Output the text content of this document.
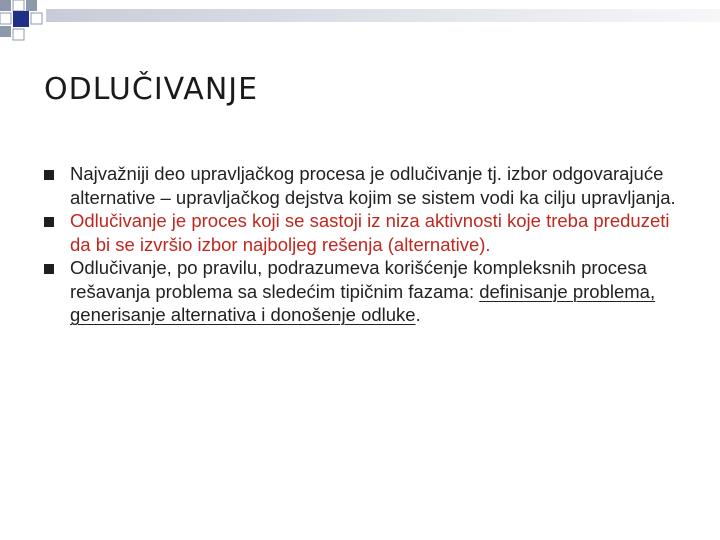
ODLUČIVANJE
Najvažniji deo upravljačkog procesa je odlučivanje tj. izbor odgovarajuće alternative – upravljačkog dejstva kojim se sistem vodi ka cilju upravljanja.
Odlučivanje je proces koji se sastoji iz niza aktivnosti koje treba preduzeti da bi se izvršio izbor najboljeg rešenja (alternative).
Odlučivanje, po pravilu, podrazumeva korišćenje kompleksnih procesa rešavanja problema sa sledećim tipičnim fazama: definisanje problema, generisanje alternativa i donošenje odluke.
